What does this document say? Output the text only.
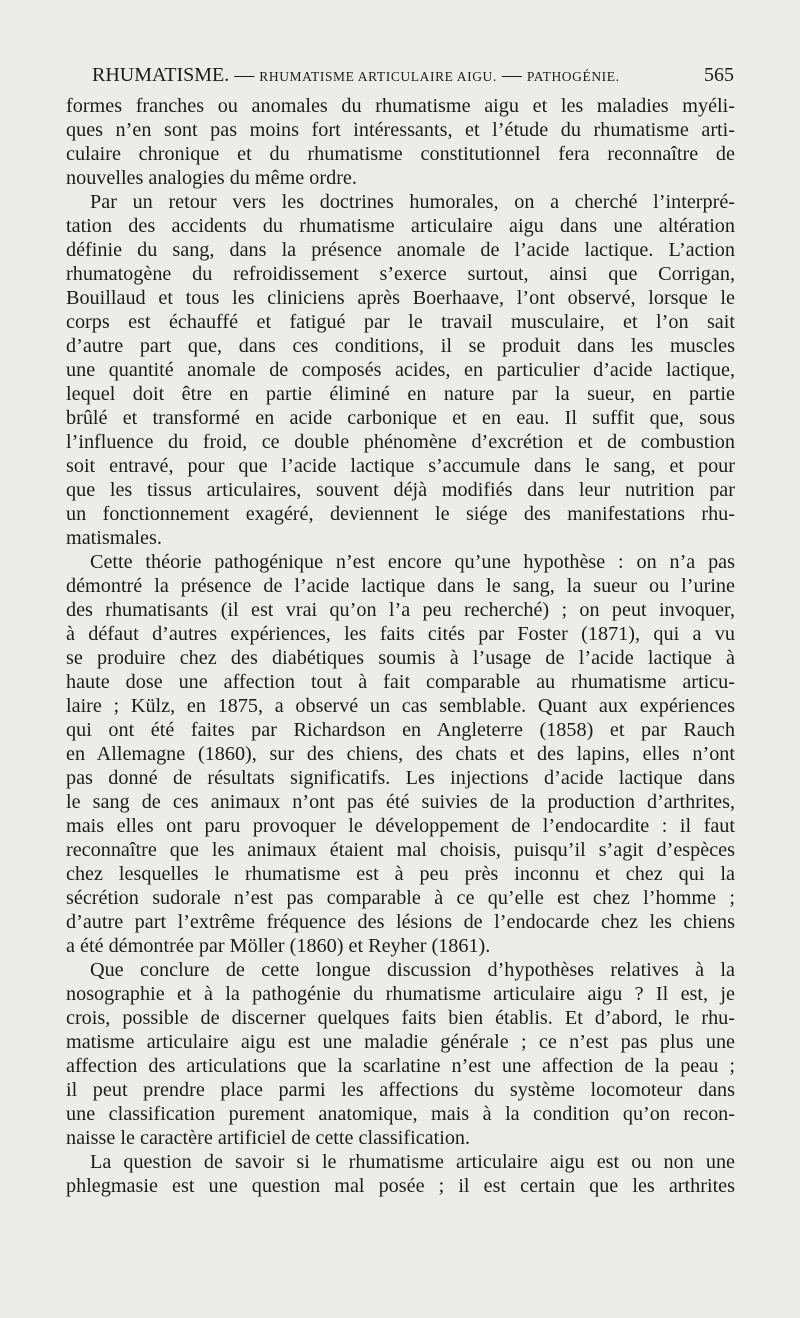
RHUMATISME. — RHUMATISME ARTICULAIRE AIGU. — PATHOGÉNIE.	565
formes franches ou anomales du rhumatisme aigu et les maladies myéli-
ques n’en sont pas moins fort intéressants, et l’étude du rhumatisme arti-
culaire chronique et du rhumatisme constitutionnel fera reconnaître de
nouvelles analogies du même ordre.
Par un retour vers les doctrines humorales, on a cherché l’interpré-
tation des accidents du rhumatisme articulaire aigu dans une altération
définie du sang, dans la présence anomale de l’acide lactique. L’action
rhumatogène du refroidissement s’exerce surtout, ainsi que Corrigan,
Bouillaud et tous les cliniciens après Boerhaave, l’ont observé, lorsque le
corps est échauffé et fatigué par le travail musculaire, et l’on sait
d’autre part que, dans ces conditions, il se produit dans les muscles
une quantité anomale de composés acides, en particulier d’acide lactique,
lequel doit être en partie éliminé en nature par la sueur, en partie
brûlé et transformé en acide carbonique et en eau. Il suffit que, sous
l’influence du froid, ce double phénomène d’excrétion et de combustion
soit entravé, pour que l’acide lactique s’accumule dans le sang, et pour
que les tissus articulaires, souvent déjà modifiés dans leur nutrition par
un fonctionnement exagéré, deviennent le siége des manifestations rhu-
matismales.
Cette théorie pathogénique n’est encore qu’une hypothèse : on n’a pas
démontré la présence de l’acide lactique dans le sang, la sueur ou l’urine
des rhumatisants (il est vrai qu’on l’a peu recherché) ; on peut invoquer,
à défaut d’autres expériences, les faits cités par Foster (1871), qui a vu
se produire chez des diabétiques soumis à l’usage de l’acide lactique à
haute dose une affection tout à fait comparable au rhumatisme articu-
laire ; Külz, en 1875, a observé un cas semblable. Quant aux expériences
qui ont été faites par Richardson en Angleterre (1858) et par Rauch
en Allemagne (1860), sur des chiens, des chats et des lapins, elles n’ont
pas donné de résultats significatifs. Les injections d’acide lactique dans
le sang de ces animaux n’ont pas été suivies de la production d’arthrites,
mais elles ont paru provoquer le développement de l’endocardite : il faut
reconnaître que les animaux étaient mal choisis, puisqu’il s’agit d’espèces
chez lesquelles le rhumatisme est à peu près inconnu et chez qui la
sécrétion sudorale n’est pas comparable à ce qu’elle est chez l’homme ;
d’autre part l’extrême fréquence des lésions de l’endocarde chez les chiens
a été démontrée par Möller (1860) et Reyher (1861).
Que conclure de cette longue discussion d’hypothèses relatives à la
nosographie et à la pathogénie du rhumatisme articulaire aigu ? Il est, je
crois, possible de discerner quelques faits bien établis. Et d’abord, le rhu-
matisme articulaire aigu est une maladie générale ; ce n’est pas plus une
affection des articulations que la scarlatine n’est une affection de la peau ;
il peut prendre place parmi les affections du système locomoteur dans
une classification purement anatomique, mais à la condition qu’on recon-
naisse le caractère artificiel de cette classification.
La question de savoir si le rhumatisme articulaire aigu est ou non une
phlegmasie est une question mal posée ; il est certain que les arthrites
